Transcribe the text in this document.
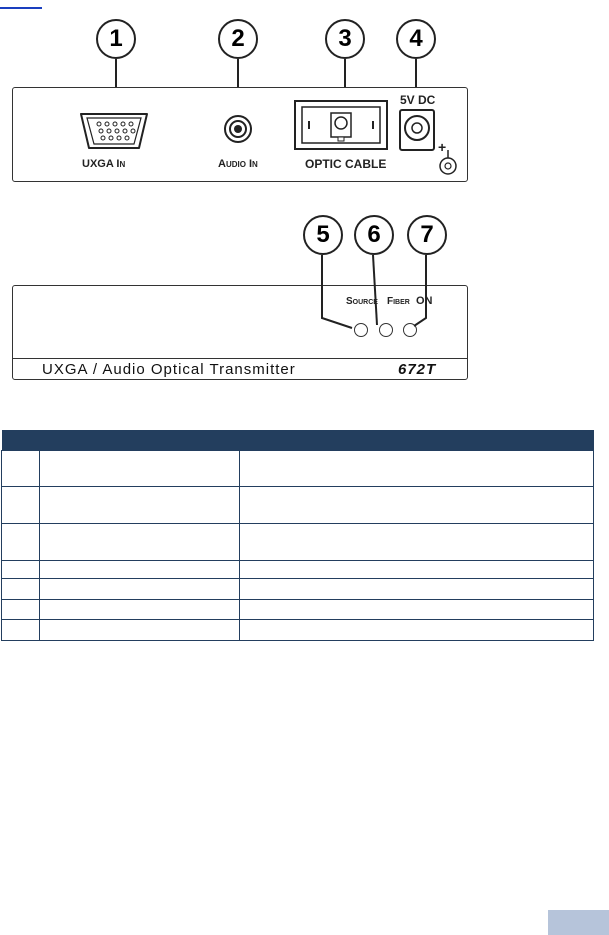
1	2	3	4
UXGA In	Audio In	OPTIC CABLE
5V DC
+
5	6	7
Source Fiber ON
UXGA / Audio Optical Transmitter	672T
